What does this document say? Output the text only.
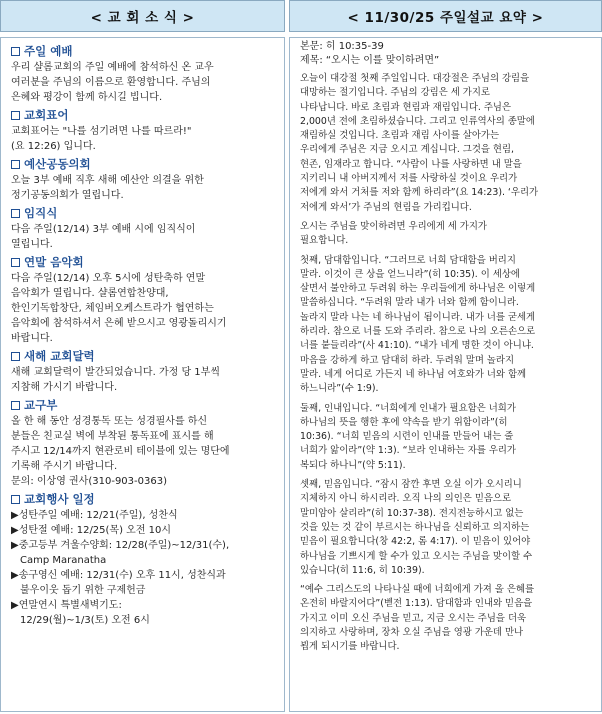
< 교 회 소 식 >	< 11/30/25 주일설교 요약 >
주일 예배
우리 샬롬교회의 주일 예배에 참석하신 온 교우
여러분을 주님의 이름으로 환영합니다. 주님의
은혜와 평강이 함께 하시길 빕니다.
교회표어
교회표어는 "나를 섬기려면 나를 따르라!"
(요 12:26) 입니다.
예산공동의회
오늘 3부 예배 직후 새해 예산안 의결을 위한
정기공동의회가 열립니다.
임직식
다음 주일(12/14) 3부 예배 시에 임직식이
열립니다.
연말 음악회
다음 주일(12/14) 오후 5시에 성탄축하 연말
음악회가 열립니다. 샬롬연합찬양대,
한인기독합창단, 체임버오케스트라가 협연하는
음악회에 참석하셔서 은혜 받으시고 영광돌리시기
바랍니다.
새해 교회달력
새해 교회달력이 발간되었습니다. 가정 당 1부씩
지참해 가시기 바랍니다.
교구부
올 한 해 동안 성경통독 또는 성경필사를 하신
분들은 친교실 벽에 부착된 통독표에 표시를 해
주시고 12/14까지 현관로비 테이블에 있는 명단에
기록해 주시기 바랍니다.
문의: 이상영 권사(310-903-0363)
교회행사 일정
▶성탄주일 예배: 12/21(주일), 성찬식
▶성탄절 예배: 12/25(목) 오전 10시
▶중고등부 겨울수양회: 12/28(주일)~12/31(수),
Camp Maranatha
▶송구영신 예배: 12/31(수) 오후 11시, 성찬식과
불우이웃 돕기 위한 구제헌금
▶연말연시 특별새벽기도:
12/29(월)~1/3(토) 오전 6시
본문: 히 10:35-39
제목: “오시는 이를 맞이하려면”

오늘이 대강절 첫째 주일입니다. 대강절은 주님의 강림을
대망하는 절기입니다. 주님의 강림은 세 가지로
나타납니다. 바로 초림과 현림과 재림입니다. 주님은
2,000년 전에 초림하셨습니다. 그리고 인류역사의 종말에
재림하실 것입니다. 초림과 재림 사이를 살아가는
우리에게 주님은 지금 오시고 계십니다. 그것을 현림,
현존, 임재라고 합니다. “사람이 나를 사랑하면 내 말을
지키리니 내 아버지께서 저를 사랑하실 것이요 우리가
저에게 와서 거처를 저와 함께 하리라”(요 14:23). ‘우리가
저에게 와서’가 주님의 현림을 가리킵니다.

오시는 주님을 맞이하려면 우리에게 세 가지가
필요합니다.

첫째, 담대함입니다. “그러므로 너희 담대함을 버리지
말라. 이것이 큰 상을 얻느니라”(히 10:35). 이 세상에
살면서 불안하고 두려워 하는 우리들에게 하나님은 이렇게
말씀하십니다. “두려워 말라 내가 너와 함께 함이니라.
놀라지 말라 나는 네 하나님이 됨이니라. 내가 너를 굳세게
하리라. 참으로 너를 도와 주리라. 참으로 나의 오른손으로
너를 붙들리라”(사 41:10). “내가 네게 명한 것이 아니냐.
마음을 강하게 하고 담대히 하라. 두려워 말며 놀라지
말라. 네게 어디로 가든지 네 하나님 여호와가 너와 함께
하느니라”(수 1:9).

둘째, 인내입니다. “너희에게 인내가 필요함은 너희가
하나님의 뜻을 행한 후에 약속을 받기 위함이라”(히
10:36). “너희 믿음의 시련이 인내를 만들어 내는 줄
너희가 앎이라”(약 1:3). “보라 인내하는 자를 우리가
복되다 하나니”(약 5:11).

셋째, 믿음입니다. “잠시 잠깐 후면 오실 이가 오시리니
지체하지 아니 하시리라. 오직 나의 의인은 믿음으로
말미암아 살리라”(히 10:37-38). 전지전능하시고 없는
것을 있는 것 같이 부르시는 하나님을 신뢰하고 의지하는
믿음이 필요합니다(창 42:2, 롬 4:17). 이 믿음이 있어야
하나님을 기쁘시게 할 수가 있고 오시는 주님을 맞이할 수
있습니다(히 11:6, 히 10:39).

“예수 그리스도의 나타나실 때에 너희에게 가져 올 은혜를
온전히 바랄지어다”(벧전 1:13). 담대함과 인내와 믿음을
가지고 이미 오신 주님을 믿고, 지금 오시는 주님을 더욱
의지하고 사랑하며, 장차 오실 주님을 영광 가운데 만나
뵙게 되시기를 바랍니다.
